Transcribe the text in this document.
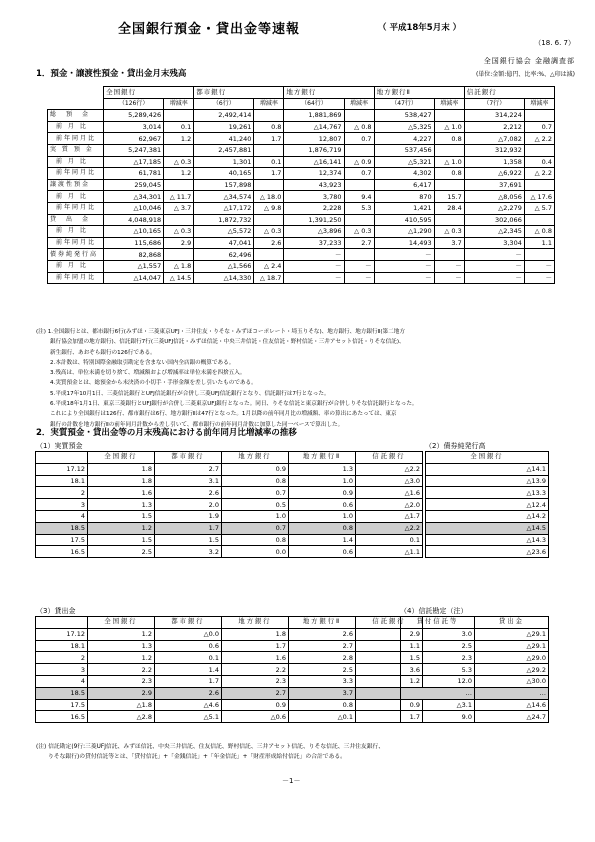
全国銀行預金・貸出金等速報	（ 平成18年5月末 ）
（18. 6. 7）
全国銀行協会 金融調査部
(単位:金額:億円、比率:%、△印は減)
1．預金・譲渡性預金・貸出金月末残高
	全国銀行		都市銀行		地方銀行		地方銀行Ⅱ		信託銀行	
	（126行）	増減率	（6行）	増減率	（64行）	増減率	（47行）	増減率	（7行）	増減率
総　預　金	5,289,426		2,492,414		1,881,869		538,427		314,224	
前 月 比	3,014	0.1	19,261	0.8	△14,767	△ 0.8	△5,325	△ 1.0	2,212	0.7
前年同月比	62,967	1.2	41,240	1.7	12,807	0.7	4,227	0.8	△7,082	△ 2.2
実 質 預 金	5,247,381		2,457,881		1,876,719		537,456		312,932	
前 月 比	△17,185	△ 0.3	1,301	0.1	△16,141	△ 0.9	△5,321	△ 1.0	1,358	0.4
前年同月比	61,781	1.2	40,165	1.7	12,374	0.7	4,302	0.8	△6,922	△ 2.2
譲渡性預金	259,045		157,898		43,923		6,417		37,691	
前 月 比	△34,301	△ 11.7	△34,574	△ 18.0	3,780	9.4	870	15.7	△8,056	△ 17.6
前年同月比	△10,046	△ 3.7	△17,172	△ 9.8	2,228	5.3	1,421	28.4	△2,279	△ 5.7
貸　出　金	4,048,918		1,872,732		1,391,250		410,595		302,066	
前 月 比	△10,165	△ 0.3	△5,572	△ 0.3	△3,896	△ 0.3	△1,290	△ 0.3	△2,345	△ 0.8
前年同月比	115,686	2.9	47,041	2.6	37,233	2.7	14,493	3.7	3,304	1.1
債券純発行高	82,868		62,496		－		－		－	
前 月 比	△1,557	△ 1.8	△1,566	△ 2.4	－	－	－	－	－	－
前年同月比	△14,047	△ 14.5	△14,330	△ 18.7	－	－	－	－	－	－
(注) 1.全国銀行とは、都市銀行6行(みずほ・三菱東京UFJ・三井住友・りそな・みずほコーポレート・埼玉りそな)、地方銀行、地方銀行Ⅱ(第二地方
銀行協会加盟の地方銀行)、信託銀行7行(三菱UFJ信託・みずほ信託・中央三井信託・住友信託・野村信託・三井アセット信託・りそな信託)、
新生銀行、あおぞら銀行の126行である。
2.本計数は、特別国際金融取引勘定を含まない国内全店銀の概算である。
3.残高は、単位未満を切り捨て、増減額および増減率は単位未満を四捨五入。
4.実質預金とは、総預金から未決済の小切手・手形金額を差し引いたものである。
5.平成17年10月1日、三菱信託銀行とUFJ信託銀行が合併し三菱UFJ信託銀行となり、信託銀行は7行となった。
6.平成18年1月1日、東京三菱銀行とUFJ銀行が合併し三菱東京UFJ銀行となった。同日、りそな信託と東京銀行が合併しりそな信託銀行となった。
これにより全国銀行は126行、都市銀行は6行、地方銀行Ⅱは47行となった。1月以降の前年同月比の増減額、率の算出にあたっては、東京
銀行の計数を地方銀行Ⅱの前年同月計数から差し引いて、都市銀行の前年同月計数に加算した同一ベースで算出した。
2．実質預金・貸出金等の月末残高における前年同月比増減率の推移
（1）実質預金	（2）債券純発行高
（3）貸出金	（4）信託勘定（注）
	全国銀行	都市銀行	地方銀行	地方銀行Ⅱ	信託銀行
17.12	1.8	2.7	0.9	1.3	△2.2
18.1	1.8	3.1	0.8	1.0	△3.0
2	1.6	2.6	0.7	0.9	△1.6
3	1.3	2.0	0.5	0.6	△2.0
4	1.5	1.9	1.0	1.0	△1.7
18.5	1.2	1.7	0.7	0.8	△2.2
17.5	1.5	1.5	0.8	1.4	0.1
16.5	2.5	3.2	0.0	0.6	△1.1
全国銀行
△14.1
△13.9
△13.3
△12.4
△14.2
△14.5
△14.3
△23.6
	全国銀行	都市銀行	地方銀行	地方銀行Ⅱ	信託銀行
17.12	1.2	△0.0	1.8	2.6	2.9
18.1	1.3	0.6	1.7	2.7	1.1
2	1.2	0.1	1.6	2.8	1.5
3	2.2	1.4	2.2	2.5	3.6
4	2.3	1.7	2.3	3.3	1.2
18.5	2.9	2.6	2.7	3.7	
17.5	△1.8	△4.6	0.9	0.8	0.9
16.5	△2.8	△5.1	△0.6	△0.1	1.7
貸付信託等	貸出金
3.0	△29.1
2.5	△29.1
2.3	△29.0
5.3	△29.2
12.0	△30.0
…	…
△3.1	△14.6
9.0	△24.7
(注) 信託勘定(9行:三菱UFJ信託、みずほ信託、中央三井信託、住友信託、野村信託、三井アセット信託、りそな信託、三井住友銀行、
りそな銀行)の貸付信託等とは、「貸付信託」+「金銭信託」+「年金信託」+「財産形成給付信託」の合計である。
－1－
